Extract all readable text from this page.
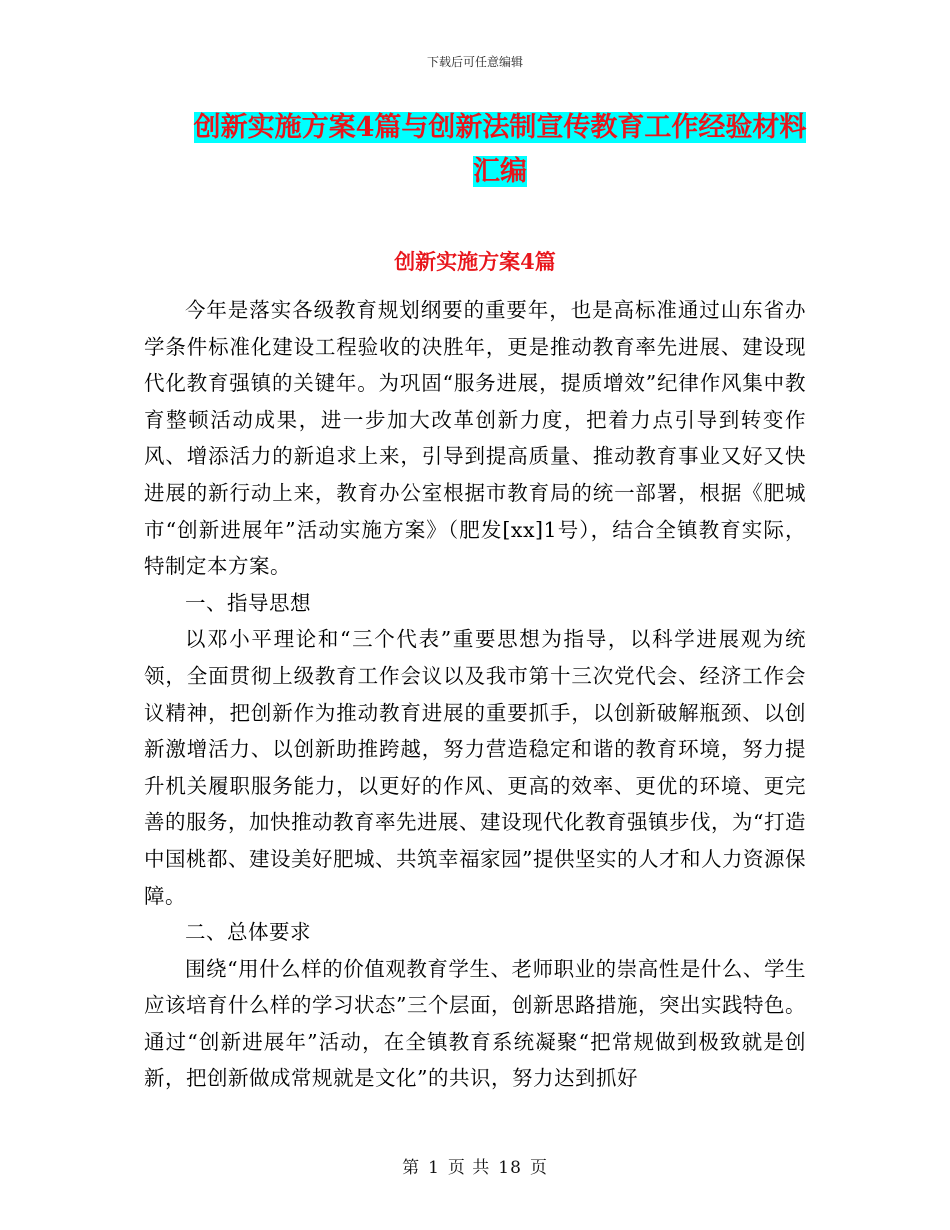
下载后可任意编辑
创新实施方案4篇与创新法制宣传教育工作经验材料
汇编
创新实施方案4篇

今年是落实各级教育规划纲要的重要年，也是高标准通过山东省办学条件标准化建设工程验收的决胜年，更是推动教育率先进展、建设现代化教育强镇的关键年。为巩固“服务进展，提质增效”纪律作风集中教育整顿活动成果，进一步加大改革创新力度，把着力点引导到转变作风、增添活力的新追求上来，引导到提高质量、推动教育事业又好又快进展的新行动上来，教育办公室根据市教育局的统一部署，根据《肥城市“创新进展年”活动实施方案》（肥发[xx]1号），结合全镇教育实际，特制定本方案。

一、指导思想

以邓小平理论和“三个代表”重要思想为指导，以科学进展观为统领，全面贯彻上级教育工作会议以及我市第十三次党代会、经济工作会议精神，把创新作为推动教育进展的重要抓手，以创新破解瓶颈、以创新激增活力、以创新助推跨越，努力营造稳定和谐的教育环境，努力提升机关履职服务能力，以更好的作风、更高的效率、更优的环境、更完善的服务，加快推动教育率先进展、建设现代化教育强镇步伐，为“打造中国桃都、建设美好肥城、共筑幸福家园”提供坚实的人才和人力资源保障。

二、总体要求

围绕“用什么样的价值观教育学生、老师职业的崇高性是什么、学生应该培育什么样的学习状态”三个层面，创新思路措施，突出实践特色。通过“创新进展年”活动，在全镇教育系统凝聚“把常规做到极致就是创新，把创新做成常规就是文化”的共识，努力达到抓好

第 1 页 共 18 页
